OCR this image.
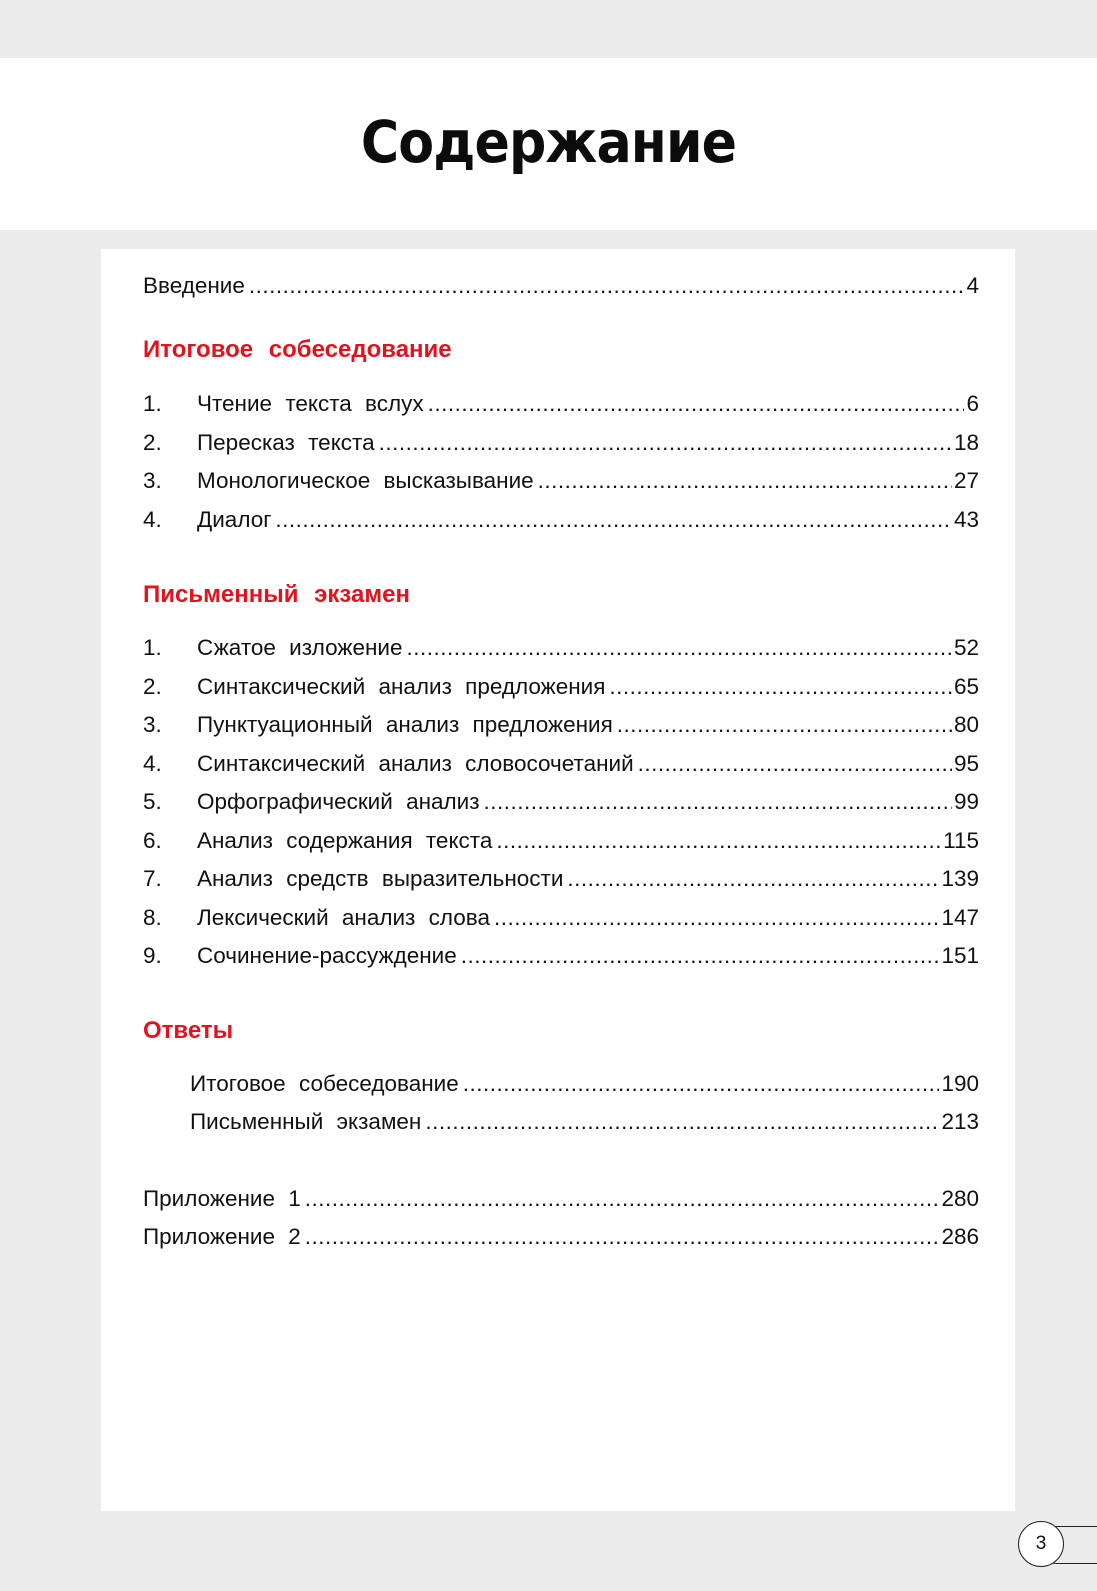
Содержание
Введение .....	4
Итоговое собеседование
1.	Чтение текста вслух .....	6
2.	Пересказ текста .....	18
3.	Монологическое высказывание .....	27
4.	Диалог .....	43
Письменный экзамен
1.	Сжатое изложение .....	52
2.	Синтаксический анализ предложения .....	65
3.	Пунктуационный анализ предложения .....	80
4.	Синтаксический анализ словосочетаний .....	95
5.	Орфографический анализ .....	99
6.	Анализ содержания текста .....	115
7.	Анализ средств выразительности .....	139
8.	Лексический анализ слова .....	147
9.	Сочинение-рассуждение .....	151
Ответы
Итоговое собеседование .....	190
Письменный экзамен .....	213
Приложение 1 .....	280
Приложение 2 .....	286
3
